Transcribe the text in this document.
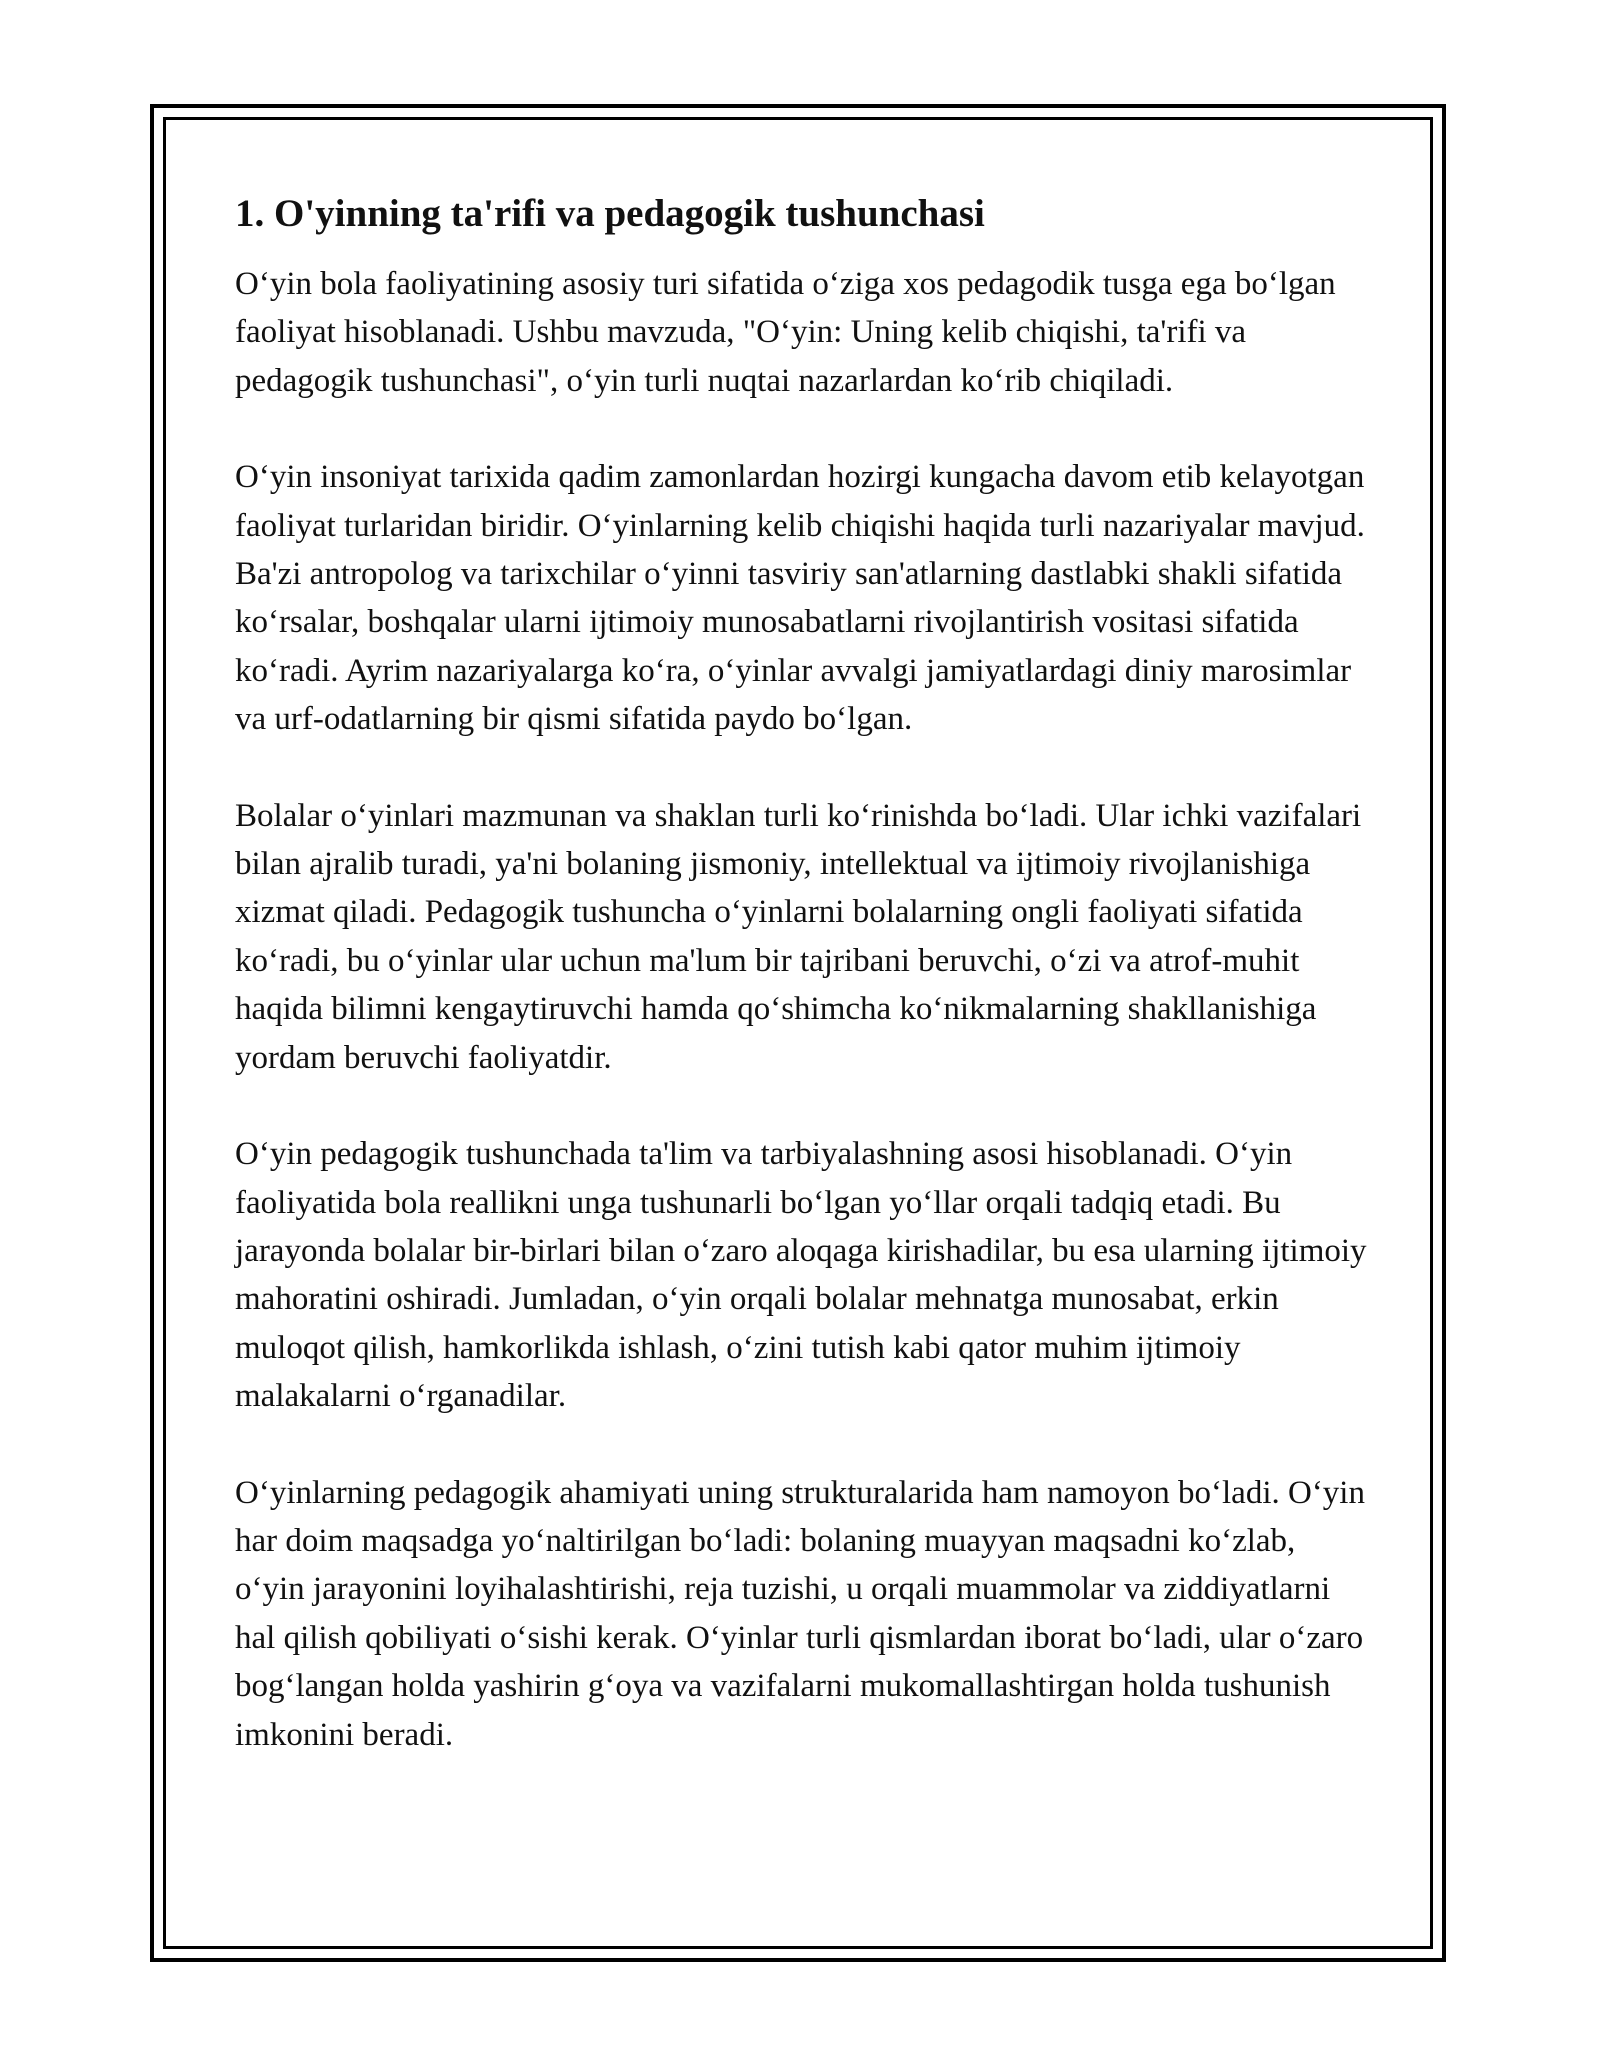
1. O'yinning ta'rifi va pedagogik tushunchasi

O‘yin bola faoliyatining asosiy turi sifatida o‘ziga xos pedagodik tusga ega bo‘lgan faoliyat hisoblanadi. Ushbu mavzuda, "O‘yin: Uning kelib chiqishi, ta'rifi va pedagogik tushunchasi", o‘yin turli nuqtai nazarlardan ko‘rib chiqiladi.

O‘yin insoniyat tarixida qadim zamonlardan hozirgi kungacha davom etib kelayotgan faoliyat turlaridan biridir. O‘yinlarning kelib chiqishi haqida turli nazariyalar mavjud. Ba'zi antropolog va tarixchilar o‘yinni tasviriy san'atlarning dastlabki shakli sifatida ko‘rsalar, boshqalar ularni ijtimoiy munosabatlarni rivojlantirish vositasi sifatida ko‘radi. Ayrim nazariyalarga ko‘ra, o‘yinlar avvalgi jamiyatlardagi diniy marosimlar va urf-odatlarning bir qismi sifatida paydo bo‘lgan.

Bolalar o‘yinlari mazmunan va shaklan turli ko‘rinishda bo‘ladi. Ular ichki vazifalari bilan ajralib turadi, ya'ni bolaning jismoniy, intellektual va ijtimoiy rivojlanishiga xizmat qiladi. Pedagogik tushuncha o‘yinlarni bolalarning ongli faoliyati sifatida ko‘radi, bu o‘yinlar ular uchun ma'lum bir tajribani beruvchi, o‘zi va atrof-muhit haqida bilimni kengaytiruvchi hamda qo‘shimcha ko‘nikmalarning shakllanishiga yordam beruvchi faoliyatdir.

O‘yin pedagogik tushunchada ta'lim va tarbiyalashning asosi hisoblanadi. O‘yin faoliyatida bola reallikni unga tushunarli bo‘lgan yo‘llar orqali tadqiq etadi. Bu jarayonda bolalar bir-birlari bilan o‘zaro aloqaga kirishadilar, bu esa ularning ijtimoiy mahoratini oshiradi. Jumladan, o‘yin orqali bolalar mehnatga munosabat, erkin muloqot qilish, hamkorlikda ishlash, o‘zini tutish kabi qator muhim ijtimoiy malakalarni o‘rganadilar.

O‘yinlarning pedagogik ahamiyati uning strukturalarida ham namoyon bo‘ladi. O‘yin har doim maqsadga yo‘naltirilgan bo‘ladi: bolaning muayyan maqsadni ko‘zlab, o‘yin jarayonini loyihalashtirishi, reja tuzishi, u orqali muammolar va ziddiyatlarni hal qilish qobiliyati o‘sishi kerak. O‘yinlar turli qismlardan iborat bo‘ladi, ular o‘zaro bog‘langan holda yashirin g‘oya va vazifalarni mukomallashtirgan holda tushunish imkonini beradi.
